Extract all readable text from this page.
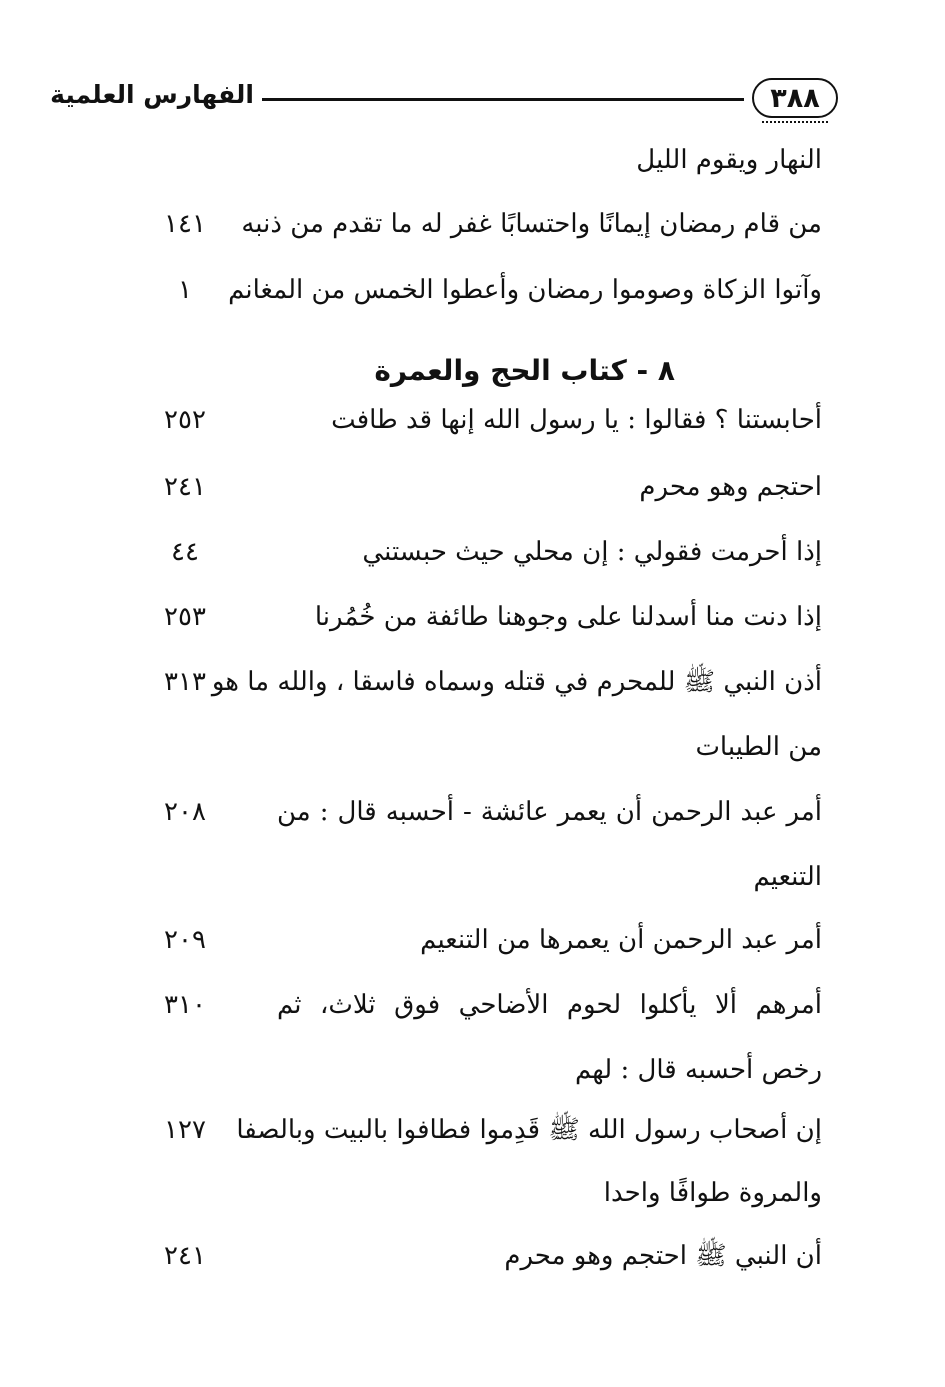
٣٨٨
الفهارس العلمية
النهار ويقوم الليل
من قام رمضان إيمانًا واحتسابًا غفر له ما تقدم من ذنبه
١٤١
وآتوا الزكاة وصوموا رمضان وأعطوا الخمس من المغانم
١
٨ - كتاب الحج والعمرة
أحابستنا ؟ فقالوا : يا رسول الله إنها قد طافت
٢٥٢
احتجم وهو محرم
٢٤١
إذا أحرمت فقولي : إن محلي حيث حبستني
٤٤
إذا دنت منا أسدلنا على وجوهنا طائفة من خُمُرنا
٢٥٣
أذن النبي ﷺ للمحرم في قتله وسماه فاسقا ، والله ما هو
٣١٣
من الطيبات
أمر عبد الرحمن أن يعمر عائشة - أحسبه قال : من
٢٠٨
التنعيم
أمر عبد الرحمن أن يعمرها من التنعيم
٢٠٩
أمرهم ألا يأكلوا لحوم الأضاحي فوق ثلاث، ثم
٣١٠
رخص أحسبه قال : لهم
إن أصحاب رسول الله ﷺ قَدِموا فطافوا بالبيت وبالصفا
١٢٧
والمروة طوافًا واحدا
أن النبي ﷺ احتجم وهو محرم
٢٤١
